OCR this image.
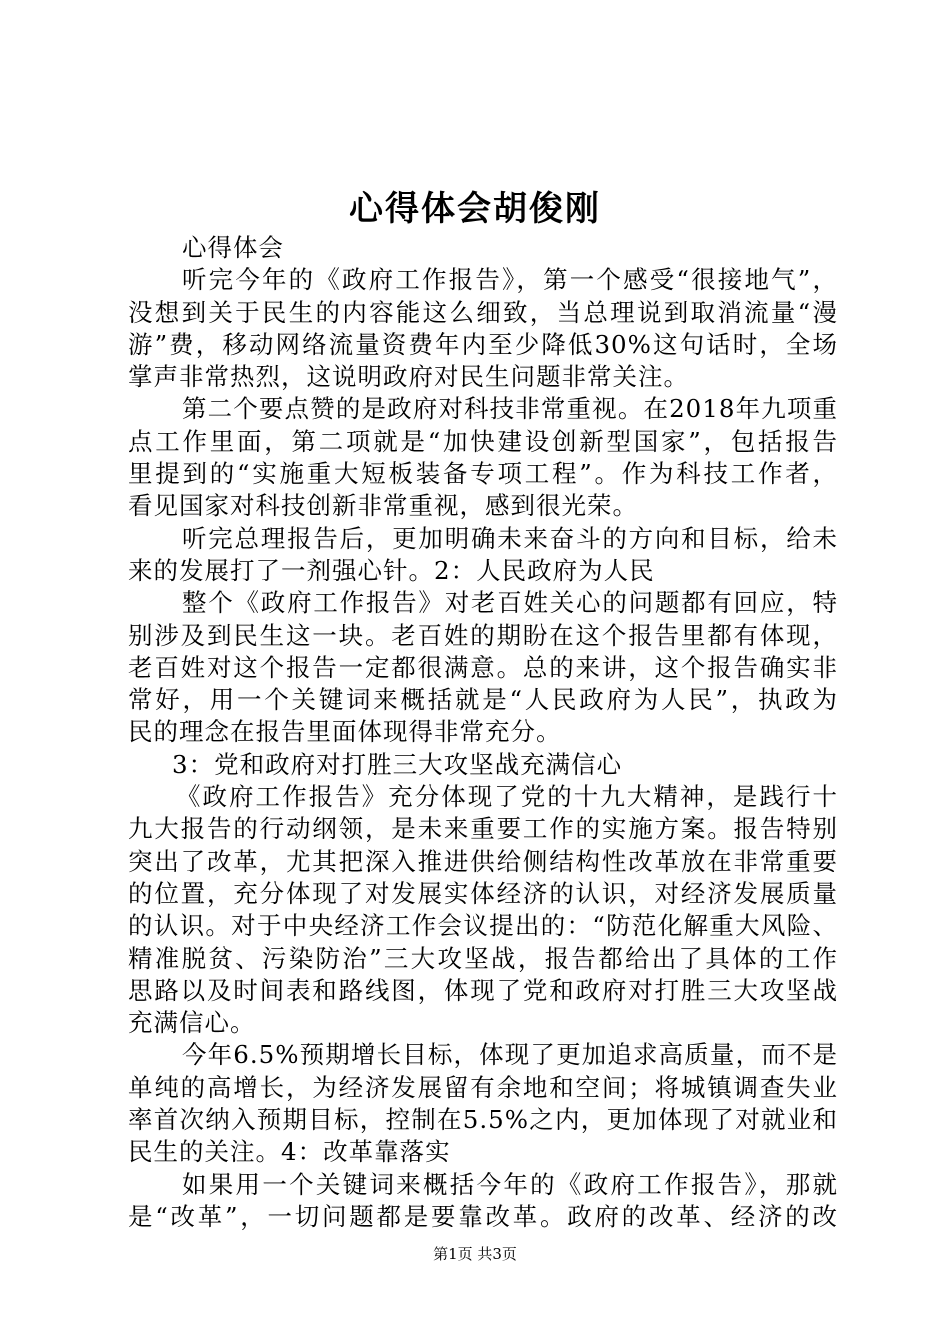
心得体会胡俊刚
心得体会
听完今年的《政府工作报告》，第一个感受“很接地气”，
没想到关于民生的内容能这么细致，当总理说到取消流量“漫
游”费，移动网络流量资费年内至少降低30%这句话时，全场
掌声非常热烈，这说明政府对民生问题非常关注。
第二个要点赞的是政府对科技非常重视。在2018年九项重
点工作里面，第二项就是“加快建设创新型国家”，包括报告
里提到的“实施重大短板装备专项工程”。作为科技工作者，
看见国家对科技创新非常重视，感到很光荣。
听完总理报告后，更加明确未来奋斗的方向和目标，给未
来的发展打了一剂强心针。2：人民政府为人民
整个《政府工作报告》对老百姓关心的问题都有回应，特
别涉及到民生这一块。老百姓的期盼在这个报告里都有体现，
老百姓对这个报告一定都很满意。总的来讲，这个报告确实非
常好，用一个关键词来概括就是“人民政府为人民”，执政为
民的理念在报告里面体现得非常充分。
3：党和政府对打胜三大攻坚战充满信心
《政府工作报告》充分体现了党的十九大精神，是践行十
九大报告的行动纲领，是未来重要工作的实施方案。报告特别
突出了改革，尤其把深入推进供给侧结构性改革放在非常重要
的位置，充分体现了对发展实体经济的认识，对经济发展质量
的认识。对于中央经济工作会议提出的：“防范化解重大风险、
精准脱贫、污染防治”三大攻坚战，报告都给出了具体的工作
思路以及时间表和路线图，体现了党和政府对打胜三大攻坚战
充满信心。
今年6.5%预期增长目标，体现了更加追求高质量，而不是
单纯的高增长，为经济发展留有余地和空间；将城镇调查失业
率首次纳入预期目标，控制在5.5%之内，更加体现了对就业和
民生的关注。4：改革靠落实
如果用一个关键词来概括今年的《政府工作报告》，那就
是“改革”，一切问题都是要靠改革。政府的改革、经济的改
第1页 共3页
